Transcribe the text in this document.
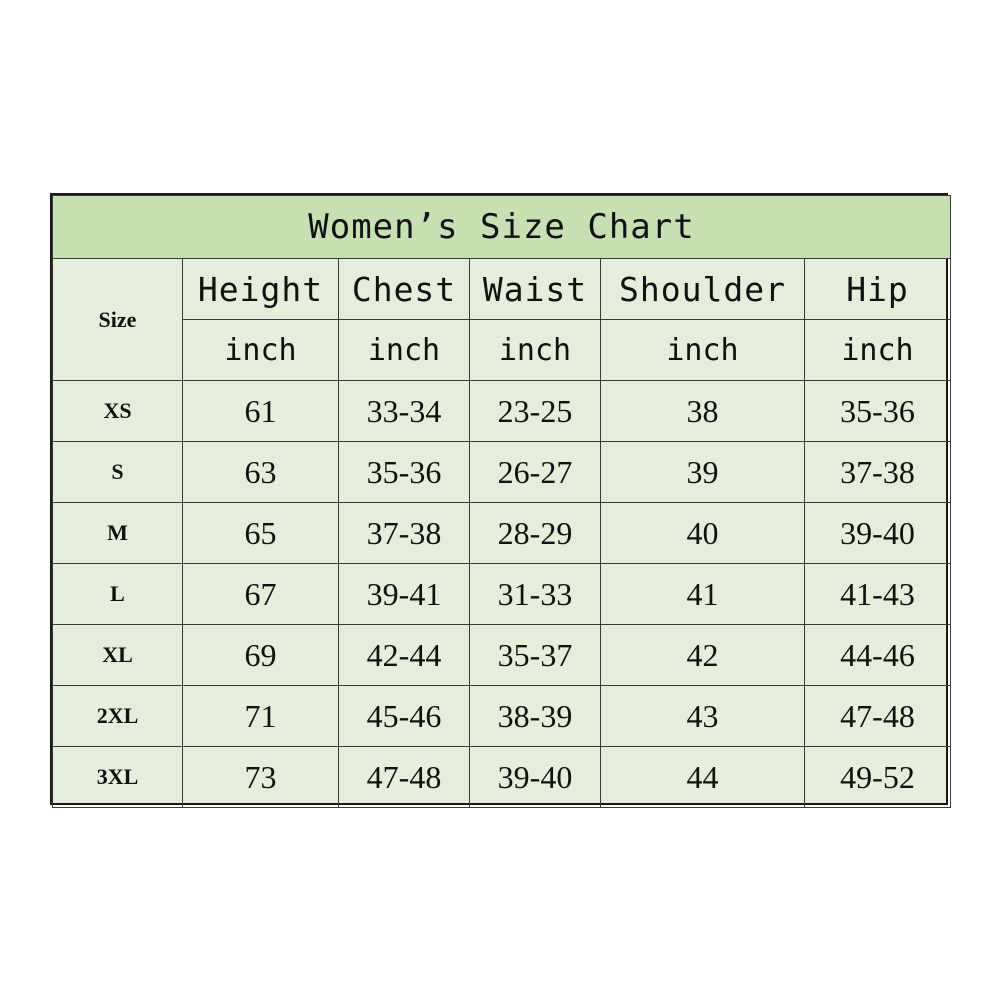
Women’s Size Chart					
Size	Height	Chest	Waist	Shoulder	Hip
	inch	inch	inch	inch	inch
XS	61	33-34	23-25	38	35-36
S	63	35-36	26-27	39	37-38
M	65	37-38	28-29	40	39-40
L	67	39-41	31-33	41	41-43
XL	69	42-44	35-37	42	44-46
2XL	71	45-46	38-39	43	47-48
3XL	73	47-48	39-40	44	49-52
